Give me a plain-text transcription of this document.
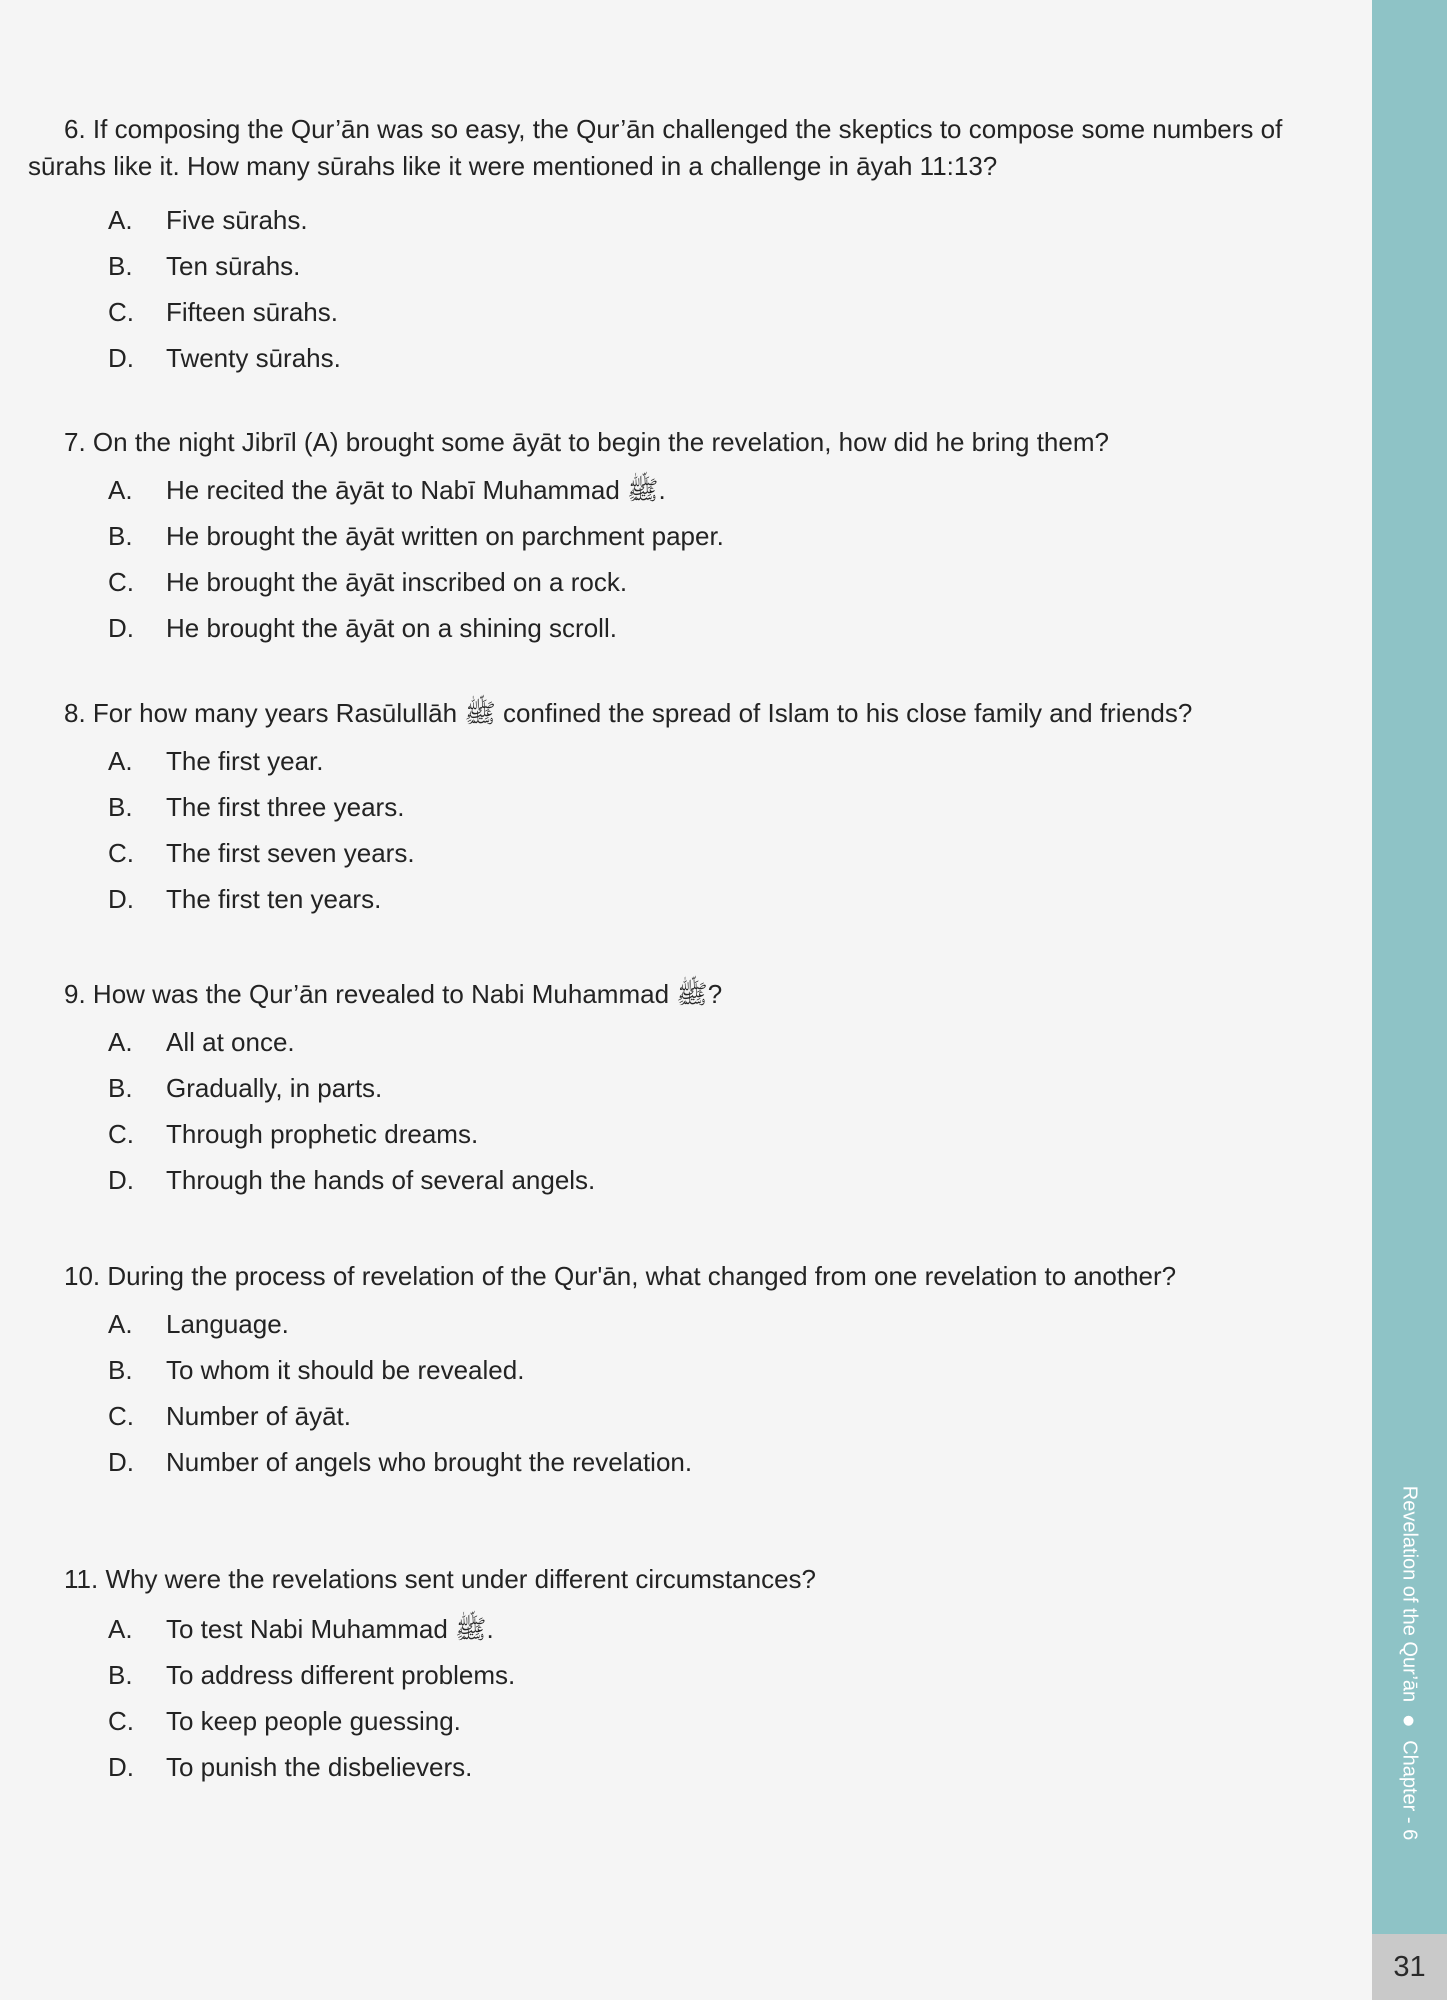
6. If composing the Qur’ān was so easy, the Qur’ān challenged the skeptics to compose some numbers of sūrahs like it. How many sūrahs like it were mentioned in a challenge in āyah 11:13?

A.	Five sūrahs.
B.	Ten sūrahs.
C.	Fifteen sūrahs.
D.	Twenty sūrahs.

7. On the night Jibrīl (A) brought some āyāt to begin the revelation, how did he bring them?

A.	He recited the āyāt to Nabī Muhammad ﷺ.
B.	He brought the āyāt written on parchment paper.
C.	He brought the āyāt inscribed on a rock.
D.	He brought the āyāt on a shining scroll.

8. For how many years Rasūlullāh ﷺ confined the spread of Islam to his close family and friends?

A.	The first year.
B.	The first three years.
C.	The first seven years.
D.	The first ten years.

9. How was the Qur’ān revealed to Nabi Muhammad ﷺ?

A.	All at once.
B.	Gradually, in parts.
C.	Through prophetic dreams.
D.	Through the hands of several angels.

10. During the process of revelation of the Qur'ān, what changed from one revelation to another?

A.	Language.
B.	To whom it should be revealed.
C.	Number of āyāt.
D.	Number of angels who brought the revelation.

11. Why were the revelations sent under different circumstances?

A.	To test Nabi Muhammad ﷺ.
B.	To address different problems.
C.	To keep people guessing.
D.	To punish the disbelievers.
Revelation of the Qur’ān
Chapter - 6
31
